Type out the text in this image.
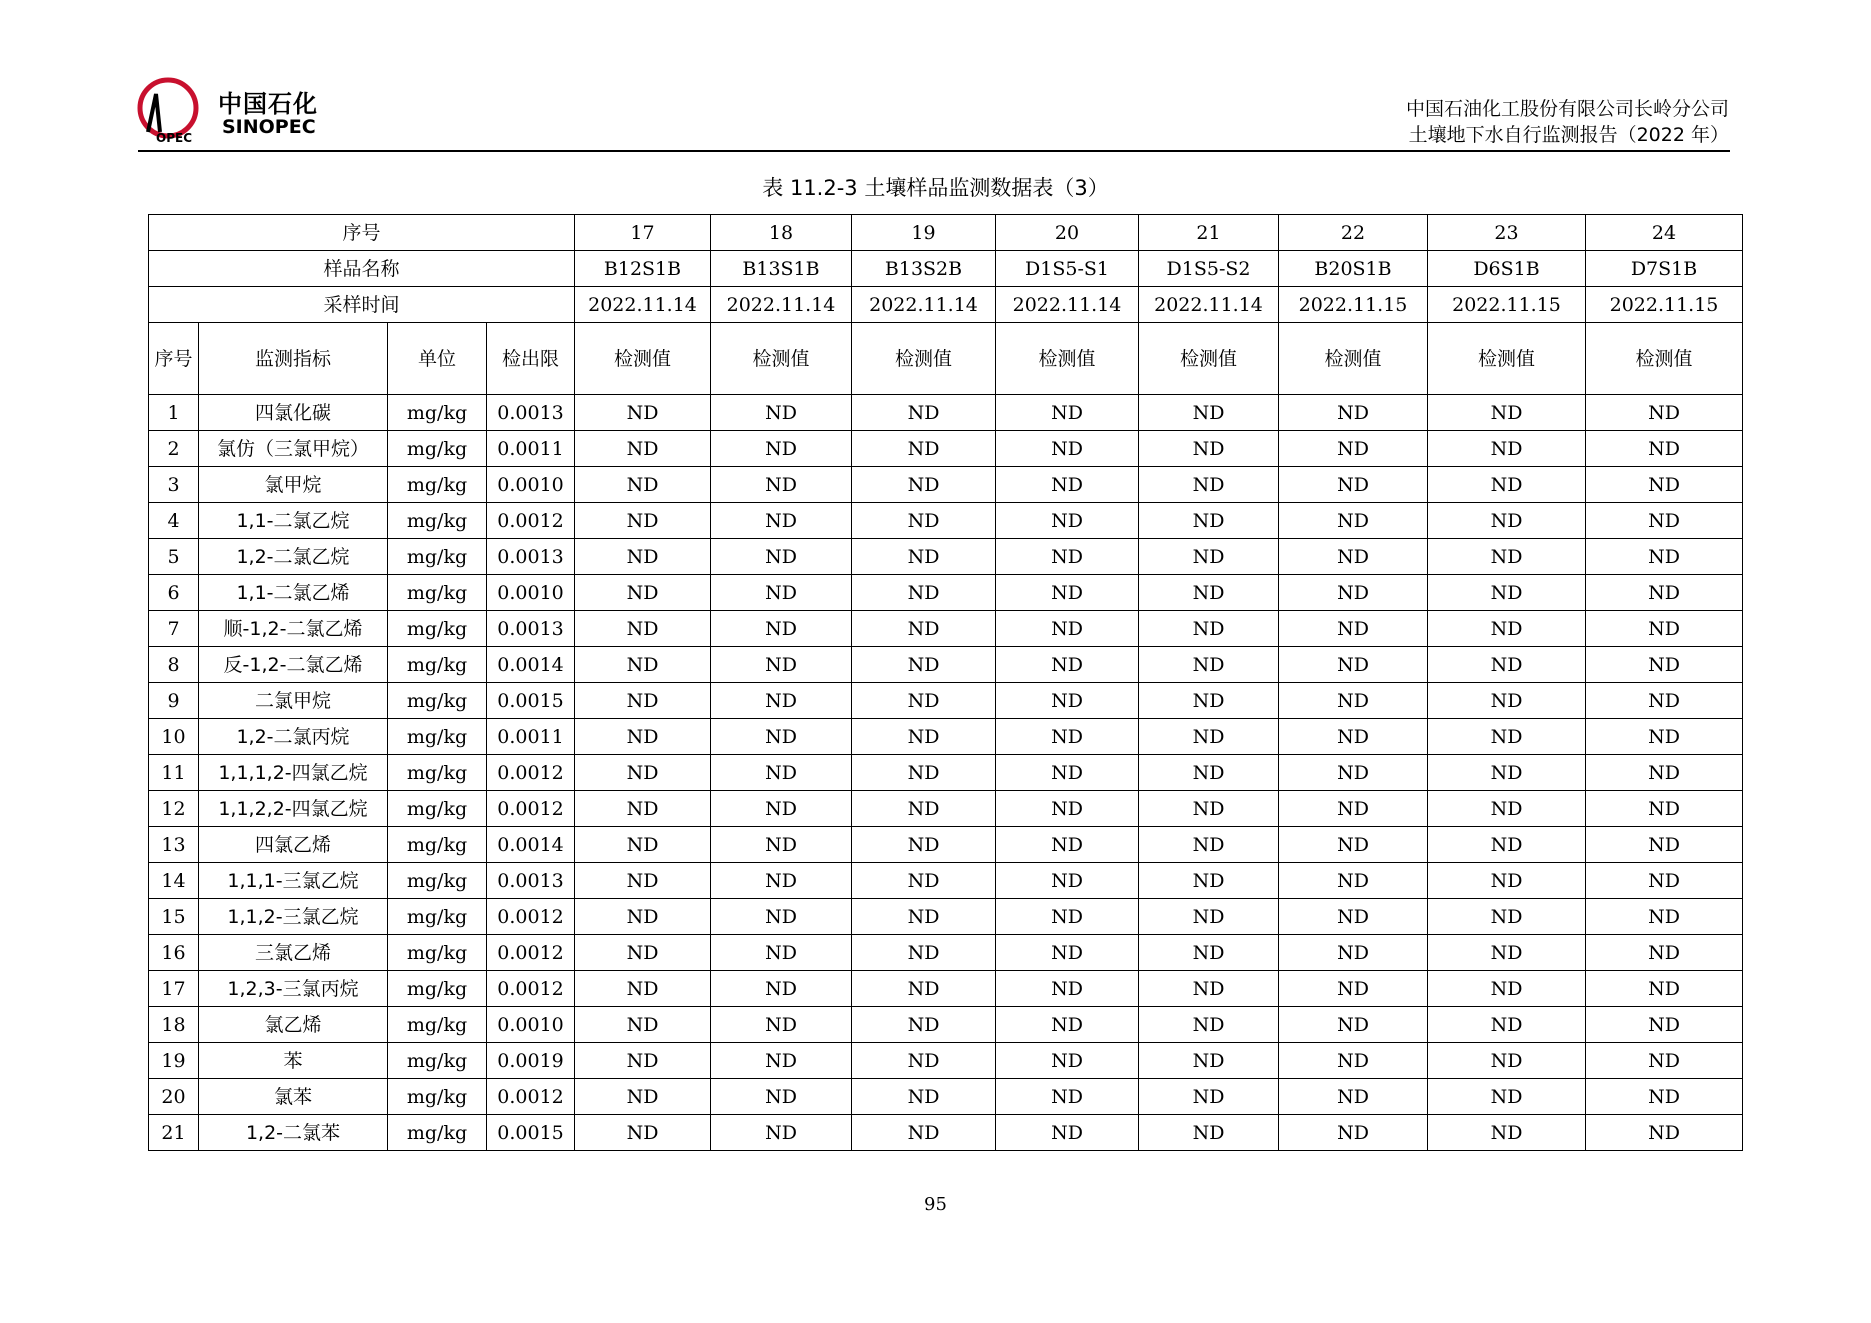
OPEC
中国石化
SINOPEC
中国石油化工股份有限公司长岭分公司
土壤地下水自行监测报告（2022 年）
表 11.2-3 土壤样品监测数据表（3）
序号				17	18	19	20	21	22	23	24
样品名称				B12S1B	B13S1B	B13S2B	D1S5-S1	D1S5-S2	B20S1B	D6S1B	D7S1B
采样时间				2022.11.14	2022.11.14	2022.11.14	2022.11.14	2022.11.14	2022.11.15	2022.11.15	2022.11.15
序号	监测指标	单位	检出限	检测值	检测值	检测值	检测值	检测值	检测值	检测值	检测值
1	四氯化碳	mg/kg	0.0013	ND	ND	ND	ND	ND	ND	ND	ND
2	氯仿（三氯甲烷）	mg/kg	0.0011	ND	ND	ND	ND	ND	ND	ND	ND
3	氯甲烷	mg/kg	0.0010	ND	ND	ND	ND	ND	ND	ND	ND
4	1,1-二氯乙烷	mg/kg	0.0012	ND	ND	ND	ND	ND	ND	ND	ND
5	1,2-二氯乙烷	mg/kg	0.0013	ND	ND	ND	ND	ND	ND	ND	ND
6	1,1-二氯乙烯	mg/kg	0.0010	ND	ND	ND	ND	ND	ND	ND	ND
7	顺-1,2-二氯乙烯	mg/kg	0.0013	ND	ND	ND	ND	ND	ND	ND	ND
8	反-1,2-二氯乙烯	mg/kg	0.0014	ND	ND	ND	ND	ND	ND	ND	ND
9	二氯甲烷	mg/kg	0.0015	ND	ND	ND	ND	ND	ND	ND	ND
10	1,2-二氯丙烷	mg/kg	0.0011	ND	ND	ND	ND	ND	ND	ND	ND
11	1,1,1,2-四氯乙烷	mg/kg	0.0012	ND	ND	ND	ND	ND	ND	ND	ND
12	1,1,2,2-四氯乙烷	mg/kg	0.0012	ND	ND	ND	ND	ND	ND	ND	ND
13	四氯乙烯	mg/kg	0.0014	ND	ND	ND	ND	ND	ND	ND	ND
14	1,1,1-三氯乙烷	mg/kg	0.0013	ND	ND	ND	ND	ND	ND	ND	ND
15	1,1,2-三氯乙烷	mg/kg	0.0012	ND	ND	ND	ND	ND	ND	ND	ND
16	三氯乙烯	mg/kg	0.0012	ND	ND	ND	ND	ND	ND	ND	ND
17	1,2,3-三氯丙烷	mg/kg	0.0012	ND	ND	ND	ND	ND	ND	ND	ND
18	氯乙烯	mg/kg	0.0010	ND	ND	ND	ND	ND	ND	ND	ND
19	苯	mg/kg	0.0019	ND	ND	ND	ND	ND	ND	ND	ND
20	氯苯	mg/kg	0.0012	ND	ND	ND	ND	ND	ND	ND	ND
21	1,2-二氯苯	mg/kg	0.0015	ND	ND	ND	ND	ND	ND	ND	ND
95
